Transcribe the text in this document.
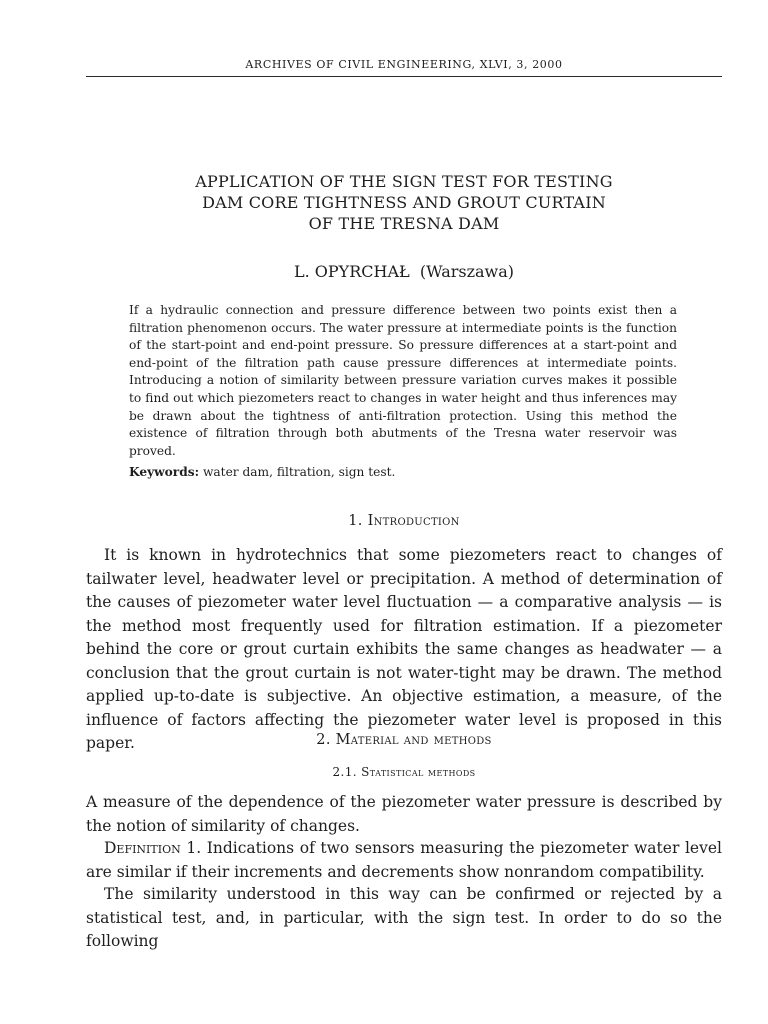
ARCHIVES OF CIVIL ENGINEERING, XLVI, 3, 2000
APPLICATION OF THE SIGN TEST FOR TESTING
DAM CORE TIGHTNESS AND GROUT CURTAIN
OF THE TRESNA DAM
L. OPYRCHAŁ (Warszawa)

If a hydraulic connection and pressure difference between two points exist then a filtration phenomenon occurs. The water pressure at intermediate points is the function of the start-point and end-point pressure. So pressure differences at a start-point and end-point of the filtration path cause pressure differences at intermediate points. Introducing a notion of similarity between pressure variation curves makes it possible to find out which piezometers react to changes in water height and thus inferences may be drawn about the tightness of anti-filtration protection. Using this method the existence of filtration through both abutments of the Tresna water reservoir was proved.

Keywords: water dam, filtration, sign test.
1. Introduction

It is known in hydrotechnics that some piezometers react to changes of tailwater level, headwater level or precipitation. A method of determination of the causes of piezometer water level fluctuation — a comparative analysis — is the method most frequently used for filtration estimation. If a piezometer behind the core or grout curtain exhibits the same changes as headwater — a conclusion that the grout curtain is not water-tight may be drawn. The method applied up-to-date is subjective. An objective estimation, a measure, of the influence of factors affecting the piezometer water level is proposed in this paper.	2. Material and methods
2.1. Statistical methods

A measure of the dependence of the piezometer water pressure is described by the notion of similarity of changes.

Definition 1. Indications of two sensors measuring the piezometer water level are similar if their increments and decrements show nonrandom compatibility.

The similarity understood in this way can be confirmed or rejected by a statistical test, and, in particular, with the sign test. In order to do so the following
